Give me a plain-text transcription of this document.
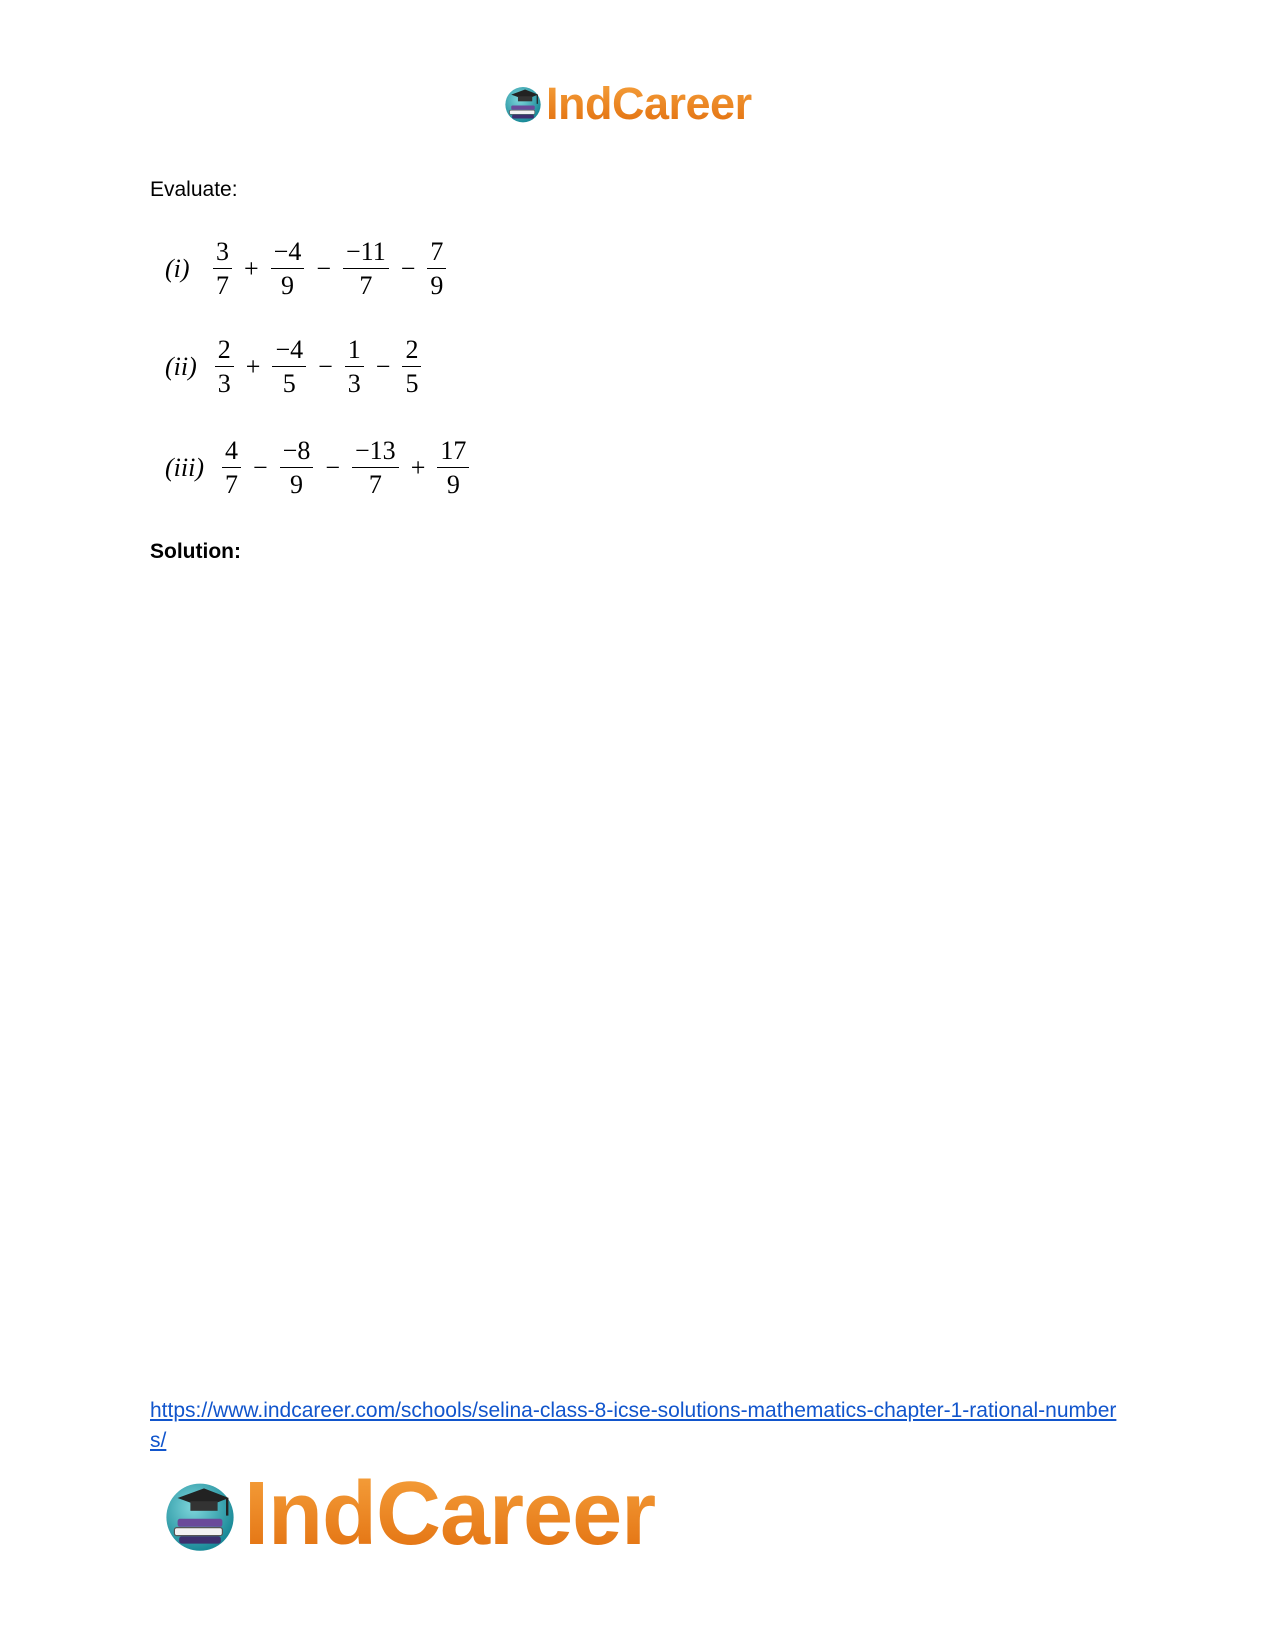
IndCareer
Evaluate:
$(i) \frac{3}{7} + \frac{-4}{9} - \frac{-11}{7} - \frac{7}{9}$
$(ii) \frac{2}{3} + \frac{-4}{5} - \frac{1}{3} - \frac{2}{5}$
$(iii) \frac{4}{7} - \frac{-8}{9} - \frac{-13}{7} + \frac{17}{9}$

Solution:

https://www.indcareer.com/schools/selina-class-8-icse-solutions-mathematics-chapter-1-rational-numbers/
IndCareer
